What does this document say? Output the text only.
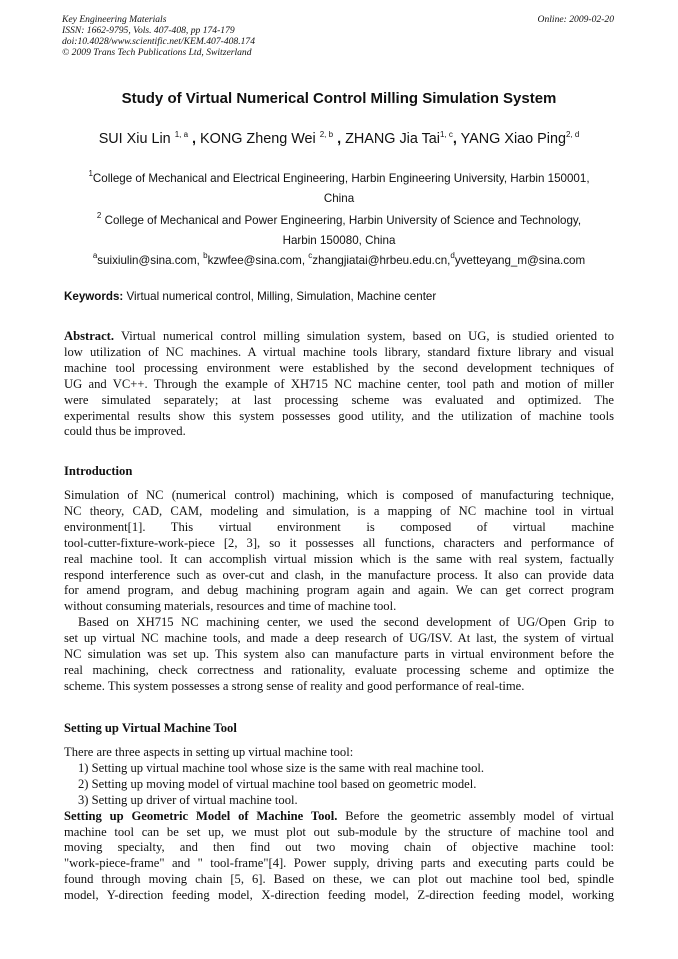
Key Engineering Materials
ISSN: 1662-9795, Vols. 407-408, pp 174-179
doi:10.4028/www.scientific.net/KEM.407-408.174
© 2009 Trans Tech Publications Ltd, Switzerland
Online: 2009-02-20
Study of Virtual Numerical Control Milling Simulation System
SUI Xiu Lin $^{1, a}$ , KONG Zheng Wei $^{2, b}$ , ZHANG Jia Tai$^{1, c}$, YANG Xiao Ping$^{2, d}$
$^1$College of Mechanical and Electrical Engineering, Harbin Engineering University, Harbin 150001,
China
$^2$ College of Mechanical and Power Engineering, Harbin University of Science and Technology,
Harbin 150080, China
$^a$suixiulin@sina.com, $^b$kzwfee@sina.com, $^c$zhangjiatai@hrbeu.edu.cn,$^d$yvetteyang_m@sina.com
Keywords: Virtual numerical control, Milling, Simulation, Machine center
Abstract. Virtual numerical control milling simulation system, based on UG, is studied oriented to
low utilization of NC machines. A virtual machine tools library, standard fixture library and visual
machine tool processing environment were established by the second development techniques of
UG and VC++. Through the example of XH715 NC machine center, tool path and motion of miller
were simulated separately; at last processing scheme was evaluated and optimized. The
experimental results show this system possesses good utility, and the utilization of machine tools
could thus be improved.
Introduction
Simulation of NC (numerical control) machining, which is composed of manufacturing technique,
NC theory, CAD, CAM, modeling and simulation, is a mapping of NC machine tool in virtual
environment[1]. This virtual environment is composed of virtual machine
tool-cutter-fixture-work-piece [2, 3], so it possesses all functions, characters and performance of
real machine tool. It can accomplish virtual mission which is the same with real system, factually
respond interference such as over-cut and clash, in the manufacture process. It also can provide data
for amend program, and debug machining program again and again. We can get correct program
without consuming materials, resources and time of machine tool.
Based on XH715 NC machining center, we used the second development of UG/Open Grip to
set up virtual NC machine tools, and made a deep research of UG/ISV. At last, the system of virtual
NC simulation was set up. This system also can manufacture parts in virtual environment before the
real machining, check correctness and rationality, evaluate processing scheme and optimize the
scheme. This system possesses a strong sense of reality and good performance of real-time.
Setting up Virtual Machine Tool
There are three aspects in setting up virtual machine tool:
1) Setting up virtual machine tool whose size is the same with real machine tool.
2) Setting up moving model of virtual machine tool based on geometric model.
3) Setting up driver of virtual machine tool.
Setting up Geometric Model of Machine Tool. Before the geometric assembly model of virtual
machine tool can be set up, we must plot out sub-module by the structure of machine tool and
moving specialty, and then find out two moving chain of objective machine tool:
"work-piece-frame" and " tool-frame"[4]. Power supply, driving parts and executing parts could be
found through moving chain [5, 6]. Based on these, we can plot out machine tool bed, spindle
model, Y-direction feeding model, X-direction feeding model, Z-direction feeding model, working
